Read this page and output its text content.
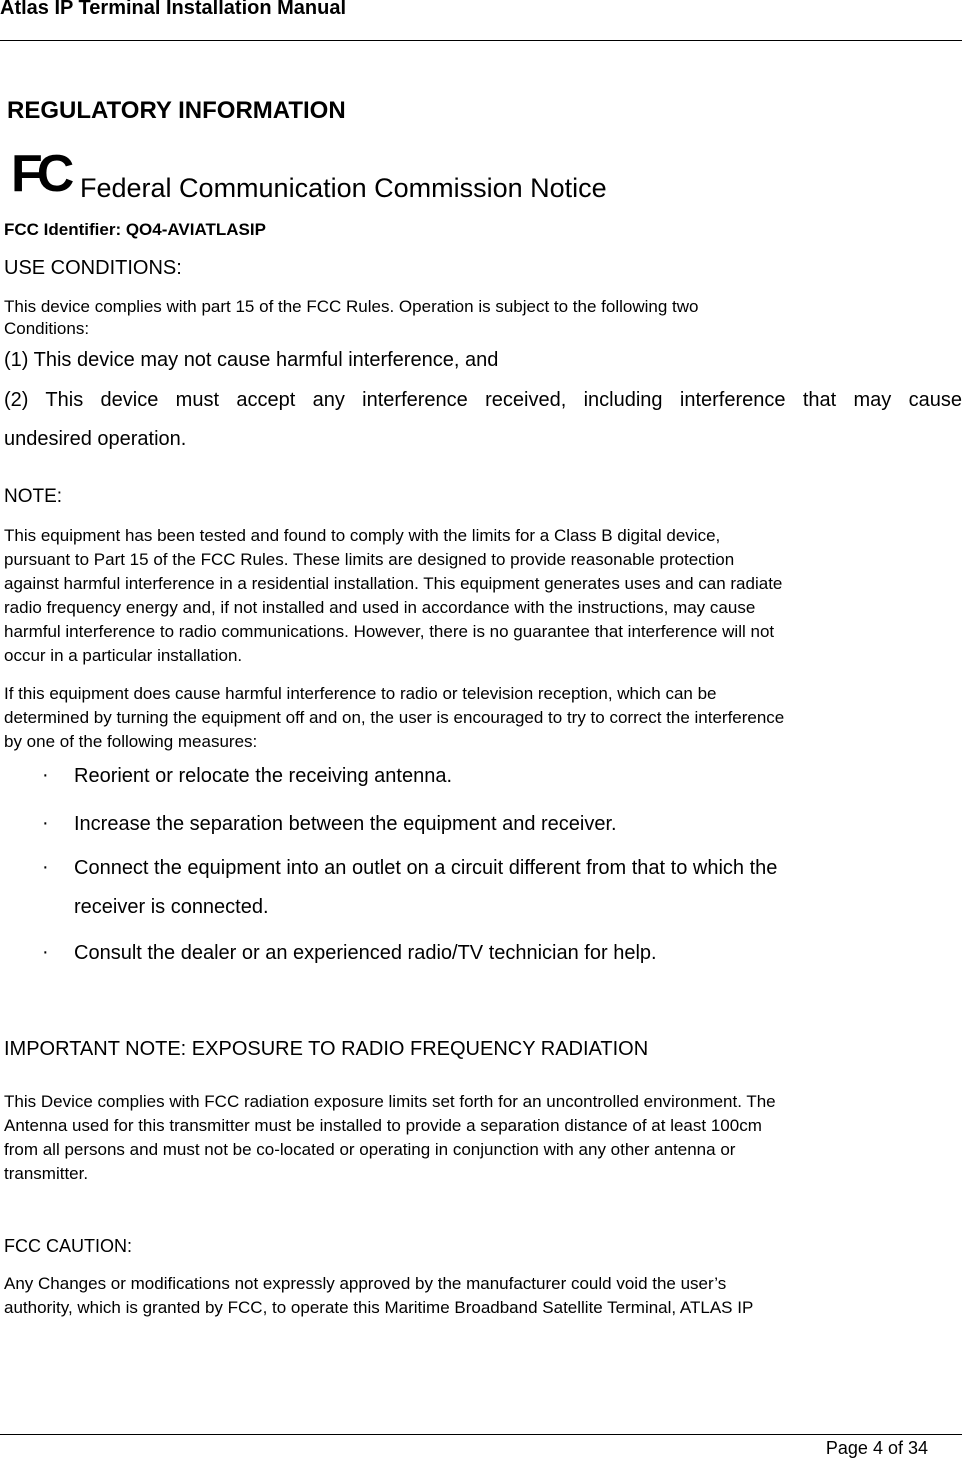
Atlas IP Terminal Installation Manual
REGULATORY INFORMATION
FC Federal Communication Commission Notice
FCC Identifier: QO4-AVIATLASIP
USE CONDITIONS:
This device complies with part 15 of the FCC Rules. Operation is subject to the following two
Conditions:
(1) This device may not cause harmful interference, and
(2) This device must accept any interference received, including interference that may cause
undesired operation.
NOTE:
This equipment has been tested and found to comply with the limits for a Class B digital device,
pursuant to Part 15 of the FCC Rules. These limits are designed to provide reasonable protection
against harmful interference in a residential installation. This equipment generates uses and can radiate
radio frequency energy and, if not installed and used in accordance with the instructions, may cause
harmful interference to radio communications. However, there is no guarantee that interference will not
occur in a particular installation.
If this equipment does cause harmful interference to radio or television reception, which can be
determined by turning the equipment off and on, the user is encouraged to try to correct the interference
by one of the following measures:
· Reorient or relocate the receiving antenna.
· Increase the separation between the equipment and receiver.
· Connect the equipment into an outlet on a circuit different from that to which the
receiver is connected.
· Consult the dealer or an experienced radio/TV technician for help.
IMPORTANT NOTE: EXPOSURE TO RADIO FREQUENCY RADIATION
This Device complies with FCC radiation exposure limits set forth for an uncontrolled environment. The
Antenna used for this transmitter must be installed to provide a separation distance of at least 100cm
from all persons and must not be co-located or operating in conjunction with any other antenna or
transmitter.
FCC CAUTION:
Any Changes or modifications not expressly approved by the manufacturer could void the user’s
authority, which is granted by FCC, to operate this Maritime Broadband Satellite Terminal, ATLAS IP
Page 4 of 34
